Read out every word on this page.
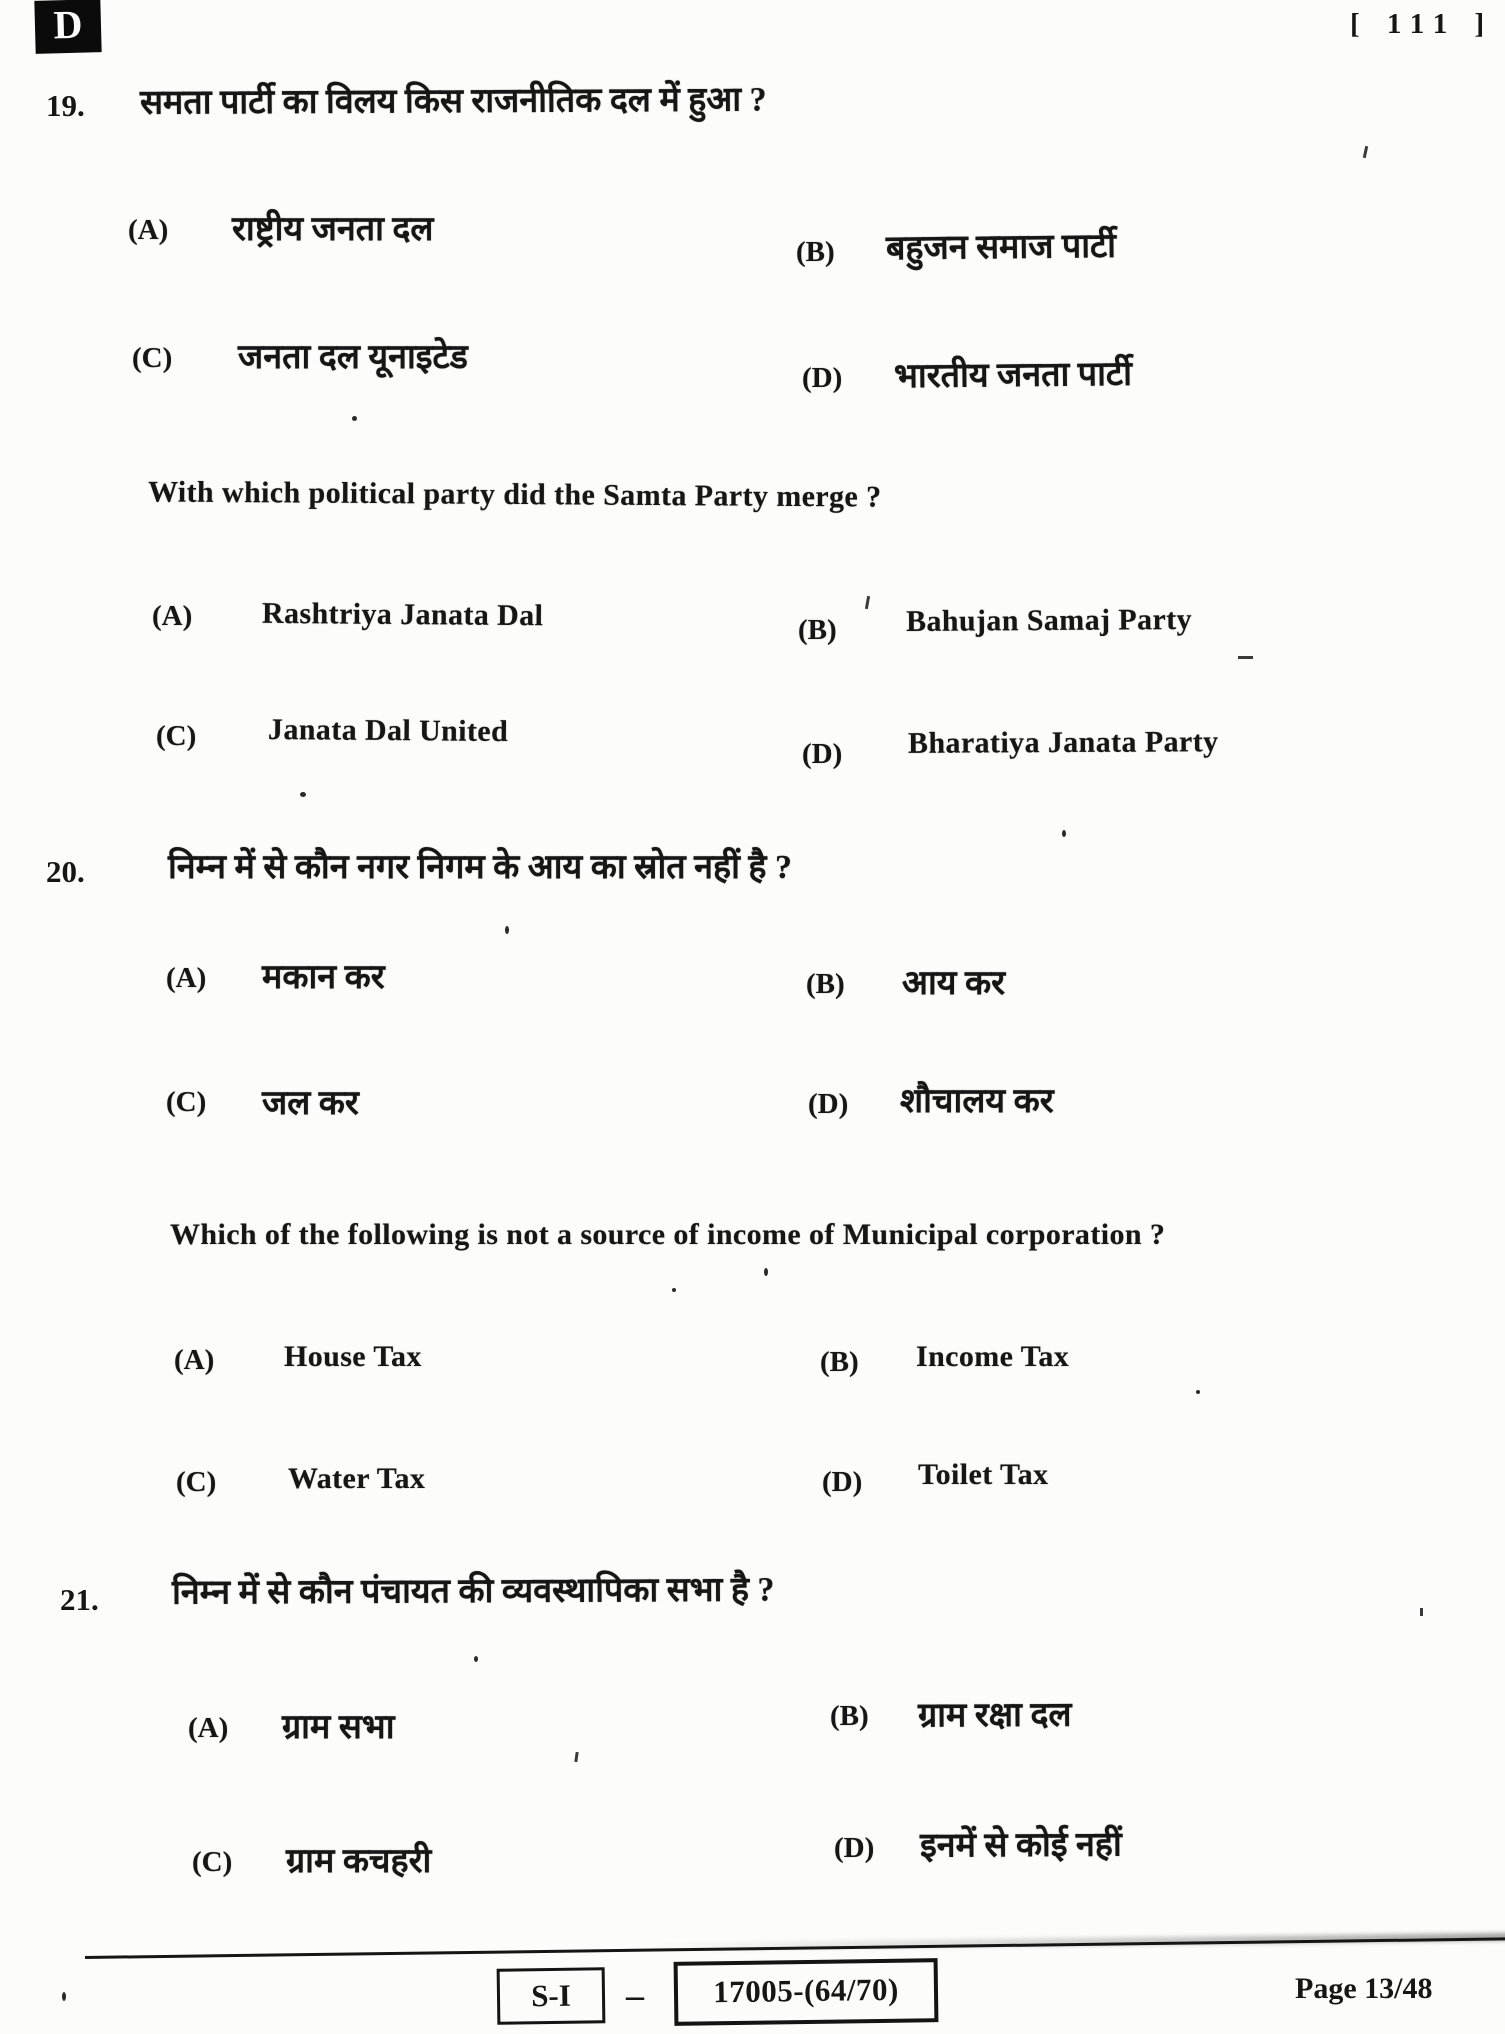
D	[ 111 ]
19. समता पार्टी का विलय किस राजनीतिक दल में हुआ ?
(A) राष्ट्रीय जनता दल
(B) बहुजन समाज पार्टी
(C) जनता दल यूनाइटेड
(D) भारतीय जनता पार्टी
With which political party did the Samta Party merge ?
(A) Rashtriya Janata Dal	(B) Bahujan Samaj Party
(C) Janata Dal United
(D) Bharatiya Janata Party
20. निम्न में से कौन नगर निगम के आय का स्रोत नहीं है ?
(A) मकान कर	(B) आय कर
(C) जल कर	(D) शौचालय कर
Which of the following is not a source of income of Municipal corporation ?
(A) House Tax	(B) Income Tax
(C) Water Tax	(D) Toilet Tax
21. निम्न में से कौन पंचायत की व्यवस्थापिका सभा है ?
(A) ग्राम सभा	(B) ग्राम रक्षा दल
(C) ग्राम कचहरी	(D) इनमें से कोई नहीं
S-I	–	17005-(64/70)	Page 13/48
